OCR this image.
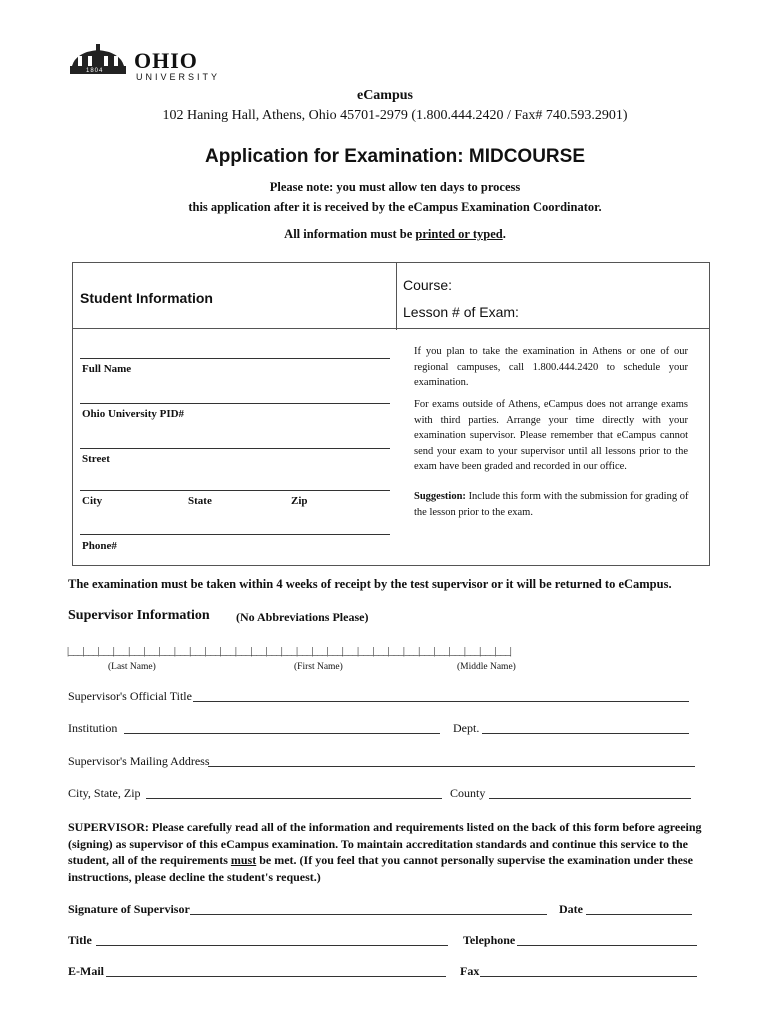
OHIO
UNIVERSITY
1804
eCampus
102 Haning Hall, Athens, Ohio 45701-2979 (1.800.444.2420 / Fax# 740.593.2901)
Application for Examination: MIDCOURSE
Please note: you must allow ten days to process
this application after it is received by the eCampus Examination Coordinator.
All information must be printed or typed.
Student Information
Course:
Lesson # of Exam:
Full Name
Ohio University PID#
Street
City	State	Zip
Phone#
If you plan to take the examination in Athens or one of our regional campuses, call 1.800.444.2420 to schedule your examination.
For exams outside of Athens, eCampus does not arrange exams with third parties. Arrange your time directly with your examination supervisor. Please remember that eCampus cannot send your exam to your supervisor until all lessons prior to the exam have been graded and recorded in our office.
Suggestion: Include this form with the submission for grading of the lesson prior to the exam.
The examination must be taken within 4 weeks of receipt by the test supervisor or it will be returned to eCampus.
Supervisor Information (No Abbreviations Please)
|___|___|___|___|___|___|___|___|___|___|___|___|___|___|___|___|___|___|___|___|___|___|___|___|___|___|___|___|___|
(Last Name)	(First Name)	(Middle Name)
Supervisor's Official Title
Institution	Dept.
Supervisor's Mailing Address
City, State, Zip	County
SUPERVISOR: Please carefully read all of the information and requirements listed on the back of this form before agreeing (signing) as supervisor of this eCampus examination. To maintain accreditation standards and continue this service to the student, all of the requirements must be met. (If you feel that you cannot personally supervise the examination under these instructions, please decline the student's request.)
Signature of Supervisor	Date
Title	Telephone
E-Mail	Fax
